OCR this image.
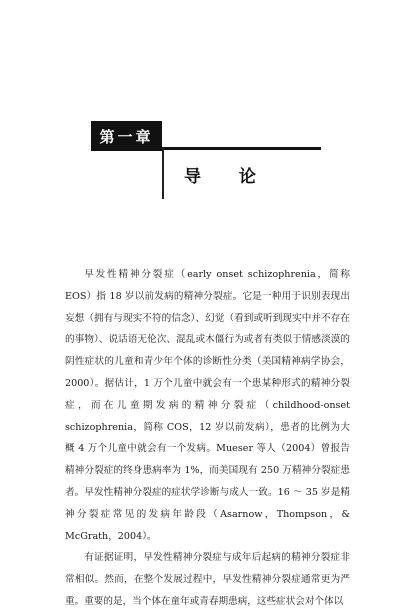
第一章
导 论

早发性精神分裂症（early onset schizophrenia，简称 EOS）指 18 岁以前发病的精神分裂症。它是一种用于识别表现出妄想（拥有与现实不符的信念）、幻觉（看到或听到现实中并不存在的事物）、说话语无伦次、混乱或木僵行为或者有类似于情感淡漠的阴性症状的儿童和青少年个体的诊断性分类（美国精神病学协会，2000）。据估计，1 万个儿童中就会有一个患某种形式的精神分裂症，而在儿童期发病的精神分裂症（childhood-onset schizophrenia，简称 COS，12 岁以前发病），患者的比例为大概 4 万个儿童中就会有一个发病。Mueser 等人（2004）曾报告精神分裂症的终身患病率为 1%，而美国现有 250 万精神分裂症患者。早发性精神分裂症的症状学诊断与成人一致。16 ～ 35 岁是精神分裂症常见的发病年龄段（Asarnow，Thompson，& McGrath，2004）。

有证据证明，早发性精神分裂症与成年后起病的精神分裂症非常相似。然而，在整个发展过程中，早发性精神分裂症通常更为严重。重要的是，当个体在童年或青春期患病，这些症状会对个体以
